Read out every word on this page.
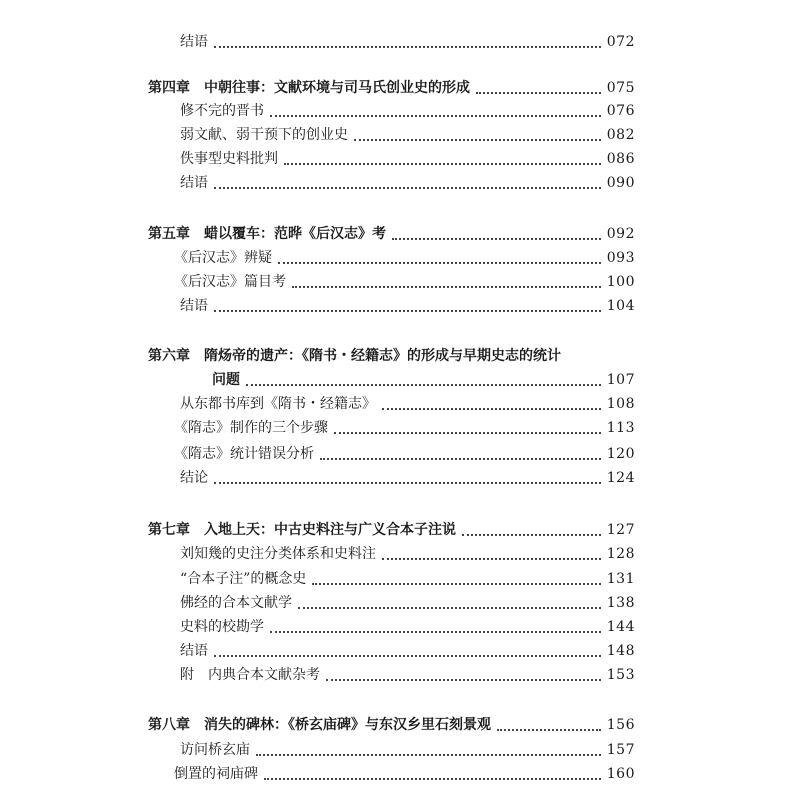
结语	072
第四章 中朝往事：文献环境与司马氏创业史的形成	075
修不完的晋书	076
弱文献、弱干预下的创业史	082
佚事型史料批判	086
结语	090
第五章 蜡以覆车：范晔《后汉志》考	092
《后汉志》辨疑	093
《后汉志》篇目考	100
结语	104
第六章 隋炀帝的遗产：《隋书・经籍志》的形成与早期史志的统计
问题	107
从东都书库到《隋书・经籍志》	108
《隋志》制作的三个步骤	113
《隋志》统计错误分析	120
结论	124
第七章 入地上天：中古史料注与广义合本子注说	127
刘知幾的史注分类体系和史料注	128
“合本子注”的概念史	131
佛经的合本文献学	138
史料的校勘学	144
结语	148
附　内典合本文献杂考	153
第八章 消失的碑林：《桥玄庙碑》与东汉乡里石刻景观	156
访问桥玄庙	157
倒置的祠庙碑	160
